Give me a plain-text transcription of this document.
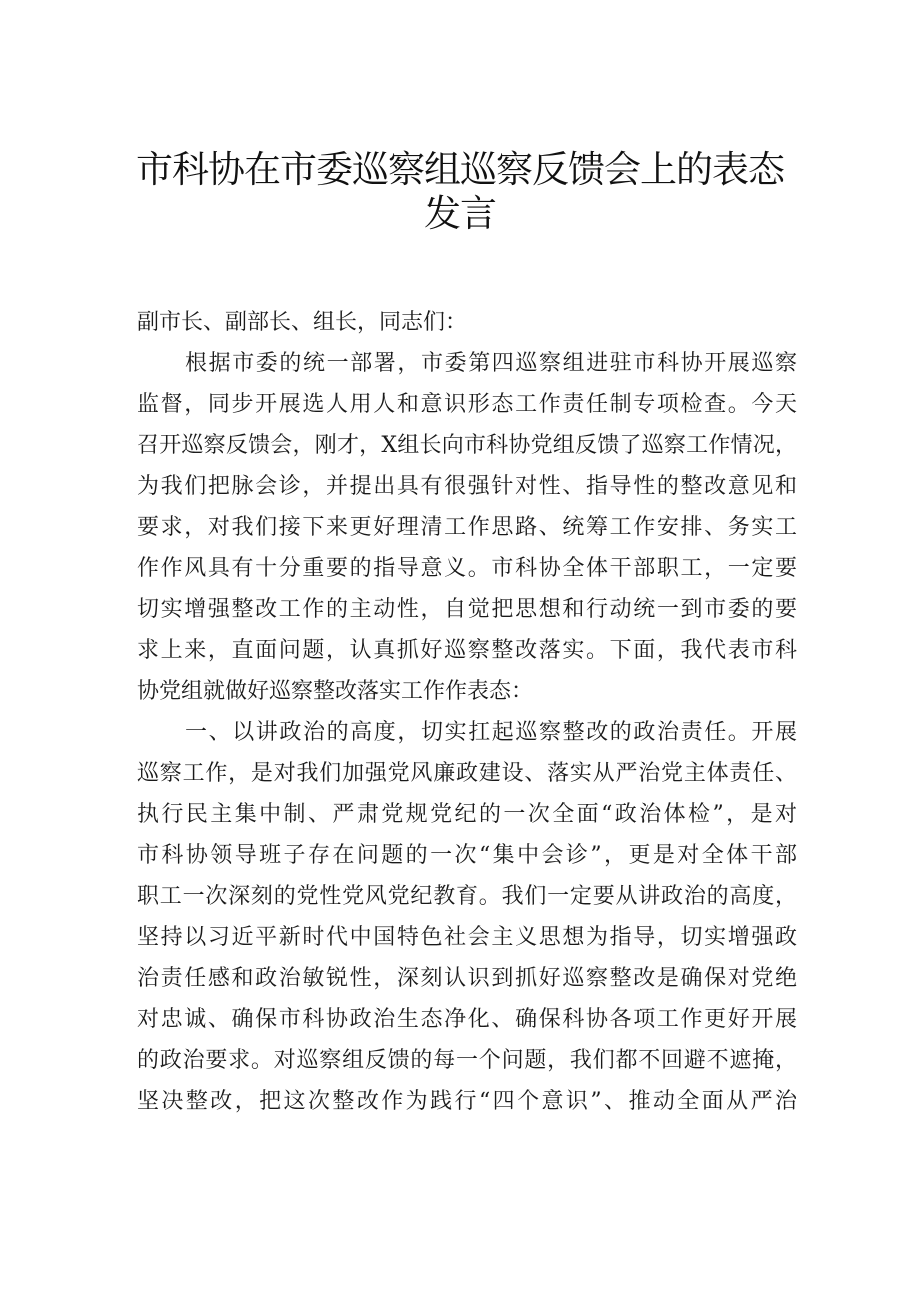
市科协在市委巡察组巡察反馈会上的表态
发言

副市长、副部长、组长，同志们：

根据市委的统一部署，市委第四巡察组进驻市科协开展巡察

监督，同步开展选人用人和意识形态工作责任制专项检查。今天

召开巡察反馈会，刚才，X组长向市科协党组反馈了巡察工作情况，

为我们把脉会诊，并提出具有很强针对性、指导性的整改意见和

要求，对我们接下来更好理清工作思路、统筹工作安排、务实工

作作风具有十分重要的指导意义。市科协全体干部职工，一定要

切实增强整改工作的主动性，自觉把思想和行动统一到市委的要

求上来，直面问题，认真抓好巡察整改落实。下面，我代表市科

协党组就做好巡察整改落实工作作表态：

一、以讲政治的高度，切实扛起巡察整改的政治责任。开展

巡察工作，是对我们加强党风廉政建设、落实从严治党主体责任、

执行民主集中制、严肃党规党纪的一次全面“政治体检”，是对

市科协领导班子存在问题的一次“集中会诊”，更是对全体干部

职工一次深刻的党性党风党纪教育。我们一定要从讲政治的高度，

坚持以习近平新时代中国特色社会主义思想为指导，切实增强政

治责任感和政治敏锐性，深刻认识到抓好巡察整改是确保对党绝

对忠诚、确保市科协政治生态净化、确保科协各项工作更好开展

的政治要求。对巡察组反馈的每一个问题，我们都不回避不遮掩，

坚决整改，把这次整改作为践行“四个意识”、推动全面从严治
